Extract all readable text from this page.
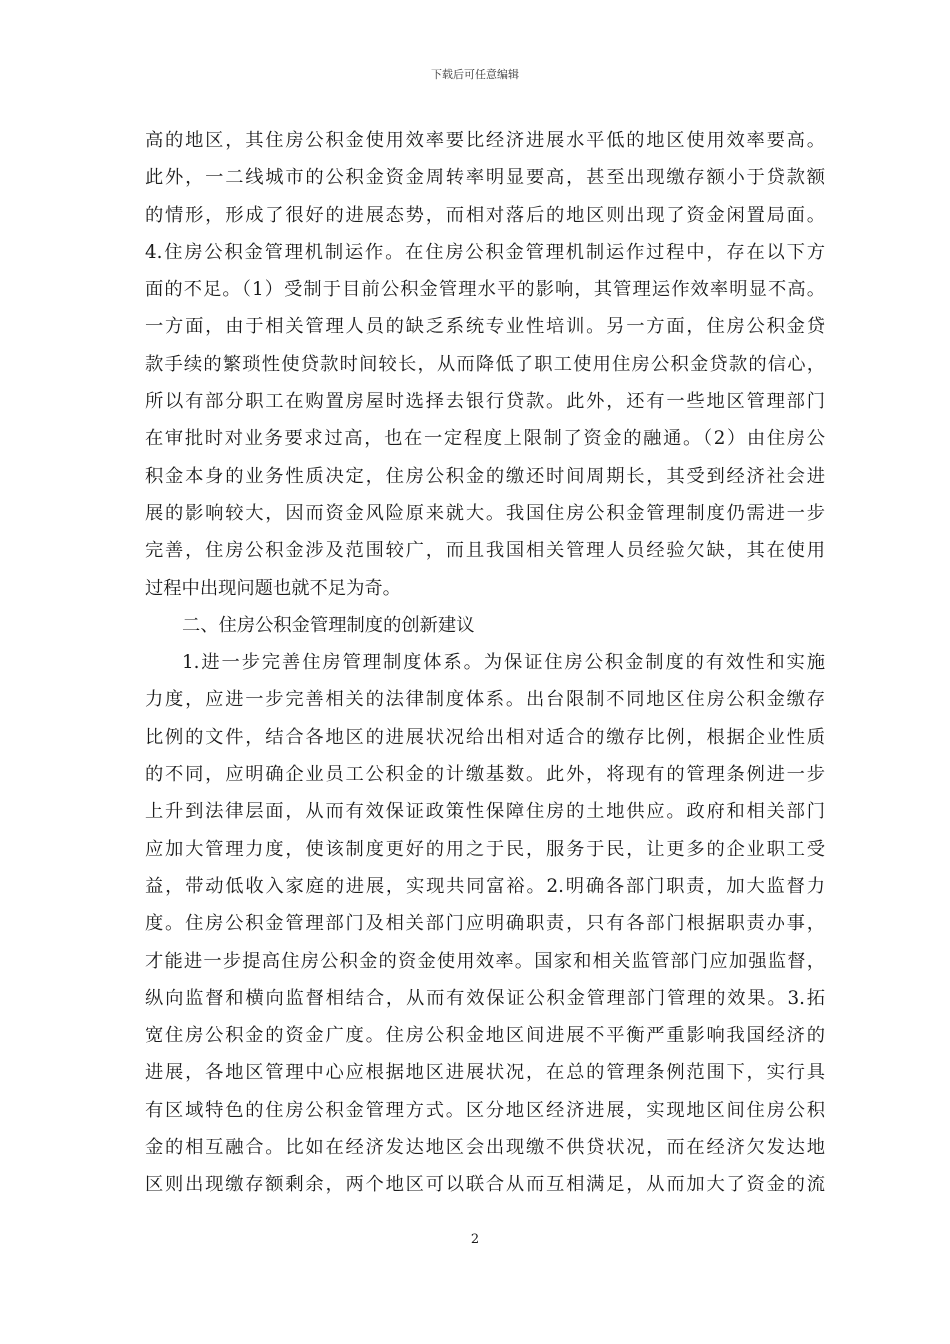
下载后可任意编辑
高的地区，其住房公积金使用效率要比经济进展水平低的地区使用效率要高。
此外，一二线城市的公积金资金周转率明显要高，甚至出现缴存额小于贷款额
的情形，形成了很好的进展态势，而相对落后的地区则出现了资金闲置局面。
4.住房公积金管理机制运作。在住房公积金管理机制运作过程中，存在以下方
面的不足。（1）受制于目前公积金管理水平的影响，其管理运作效率明显不高。
一方面，由于相关管理人员的缺乏系统专业性培训。另一方面，住房公积金贷
款手续的繁琐性使贷款时间较长，从而降低了职工使用住房公积金贷款的信心，
所以有部分职工在购置房屋时选择去银行贷款。此外，还有一些地区管理部门
在审批时对业务要求过高，也在一定程度上限制了资金的融通。（2）由住房公
积金本身的业务性质决定，住房公积金的缴还时间周期长，其受到经济社会进
展的影响较大，因而资金风险原来就大。我国住房公积金管理制度仍需进一步
完善，住房公积金涉及范围较广，而且我国相关管理人员经验欠缺，其在使用
过程中出现问题也就不足为奇。
二、住房公积金管理制度的创新建议
1.进一步完善住房管理制度体系。为保证住房公积金制度的有效性和实施
力度，应进一步完善相关的法律制度体系。出台限制不同地区住房公积金缴存
比例的文件，结合各地区的进展状况给出相对适合的缴存比例，根据企业性质
的不同，应明确企业员工公积金的计缴基数。此外，将现有的管理条例进一步
上升到法律层面，从而有效保证政策性保障住房的土地供应。政府和相关部门
应加大管理力度，使该制度更好的用之于民，服务于民，让更多的企业职工受
益，带动低收入家庭的进展，实现共同富裕。2.明确各部门职责，加大监督力
度。住房公积金管理部门及相关部门应明确职责，只有各部门根据职责办事，
才能进一步提高住房公积金的资金使用效率。国家和相关监管部门应加强监督，
纵向监督和横向监督相结合，从而有效保证公积金管理部门管理的效果。3.拓
宽住房公积金的资金广度。住房公积金地区间进展不平衡严重影响我国经济的
进展，各地区管理中心应根据地区进展状况，在总的管理条例范围下，实行具
有区域特色的住房公积金管理方式。区分地区经济进展，实现地区间住房公积
金的相互融合。比如在经济发达地区会出现缴不供贷状况，而在经济欠发达地
区则出现缴存额剩余，两个地区可以联合从而互相满足，从而加大了资金的流
2
